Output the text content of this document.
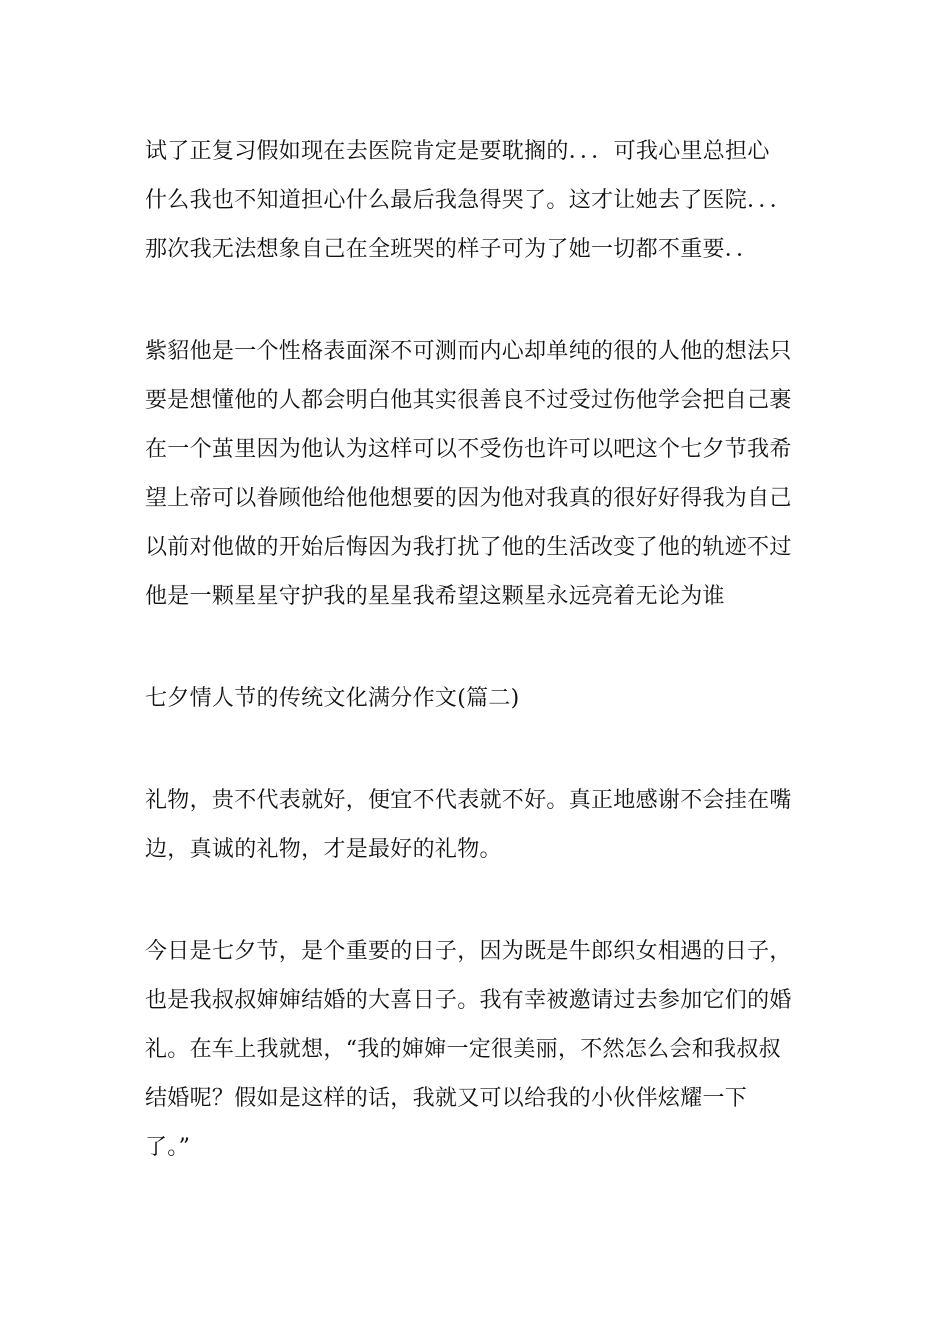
试了正复习假如现在去医院肯定是要耽搁的．．．可我心里总担心
什么我也不知道担心什么最后我急得哭了。这才让她去了医院．．．
那次我无法想象自己在全班哭的样子可为了她一切都不重要．．
紫貂他是一个性格表面深不可测而内心却单纯的很的人他的想法只
要是想懂他的人都会明白他其实很善良不过受过伤他学会把自己裹
在一个茧里因为他认为这样可以不受伤也许可以吧这个七夕节我希
望上帝可以眷顾他给他他想要的因为他对我真的很好好得我为自己
以前对他做的开始后悔因为我打扰了他的生活改变了他的轨迹不过
他是一颗星星守护我的星星我希望这颗星永远亮着无论为谁
七夕情人节的传统文化满分作文(篇二)
礼物，贵不代表就好，便宜不代表就不好。真正地感谢不会挂在嘴
边，真诚的礼物，才是最好的礼物。
今日是七夕节，是个重要的日子，因为既是牛郎织女相遇的日子，
也是我叔叔婶婶结婚的大喜日子。我有幸被邀请过去参加它们的婚
礼。在车上我就想，“我的婶婶一定很美丽，不然怎么会和我叔叔
结婚呢？假如是这样的话，我就又可以给我的小伙伴炫耀一下
了。”
